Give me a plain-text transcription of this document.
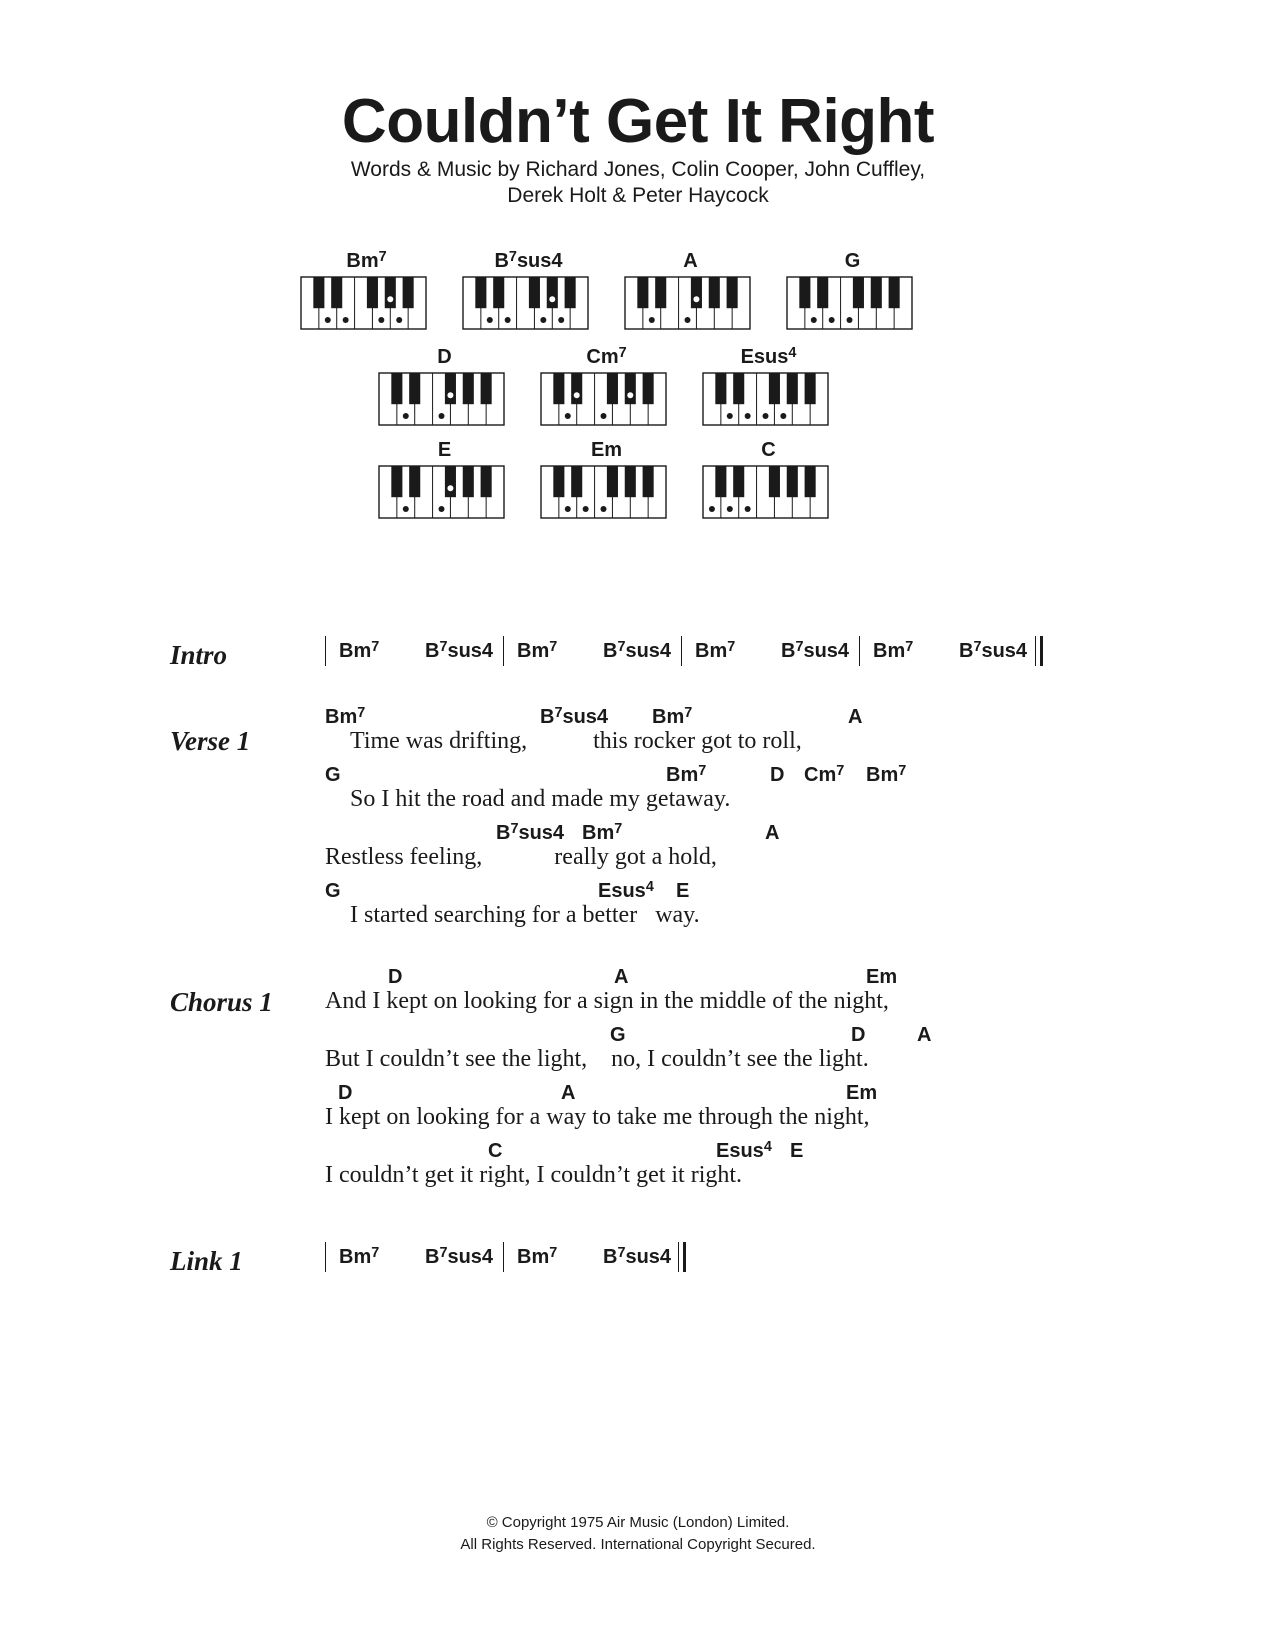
Couldn’t Get It Right
Words & Music by Richard Jones, Colin Cooper, John Cuffley,
Derek Holt & Peter Haycock
Bm$^7$	$B^7sus4$	A	G
D	Cm$^7$	Esus$^4$
E	Em	C
Intro	Bm$^7$ $B^7sus4$ Bm$^7$ $B^7sus4$ Bm$^7$ $B^7sus4$ Bm$^7$ $B^7sus4$
Verse 1
Bm$^7$	$B^7sus4$ Bm$^7$	A
Time was drifting,           this rocker got to roll,
G	Bm$^7$	D Cm$^7$ Bm$^7$
So I hit the road and made my getaway.
$B^7sus4$ Bm$^7$	A
Restless feeling,            really got a hold,
G	Esus$^4$ E
I started searching for a better   way.
Chorus 1
D	A	Em
And I kept on looking for a sign in the middle of the night,
G	D	A
But I couldn’t see the light,    no, I couldn’t see the light.
D	A	Em
I kept on looking for a way to take me through the night,
C	Esus$^4$ E
I couldn’t get it right, I couldn’t get it right.
Link 1	Bm$^7$ $B^7sus4$ Bm$^7$ $B^7sus4$
© Copyright 1975 Air Music (London) Limited.
All Rights Reserved. International Copyright Secured.
